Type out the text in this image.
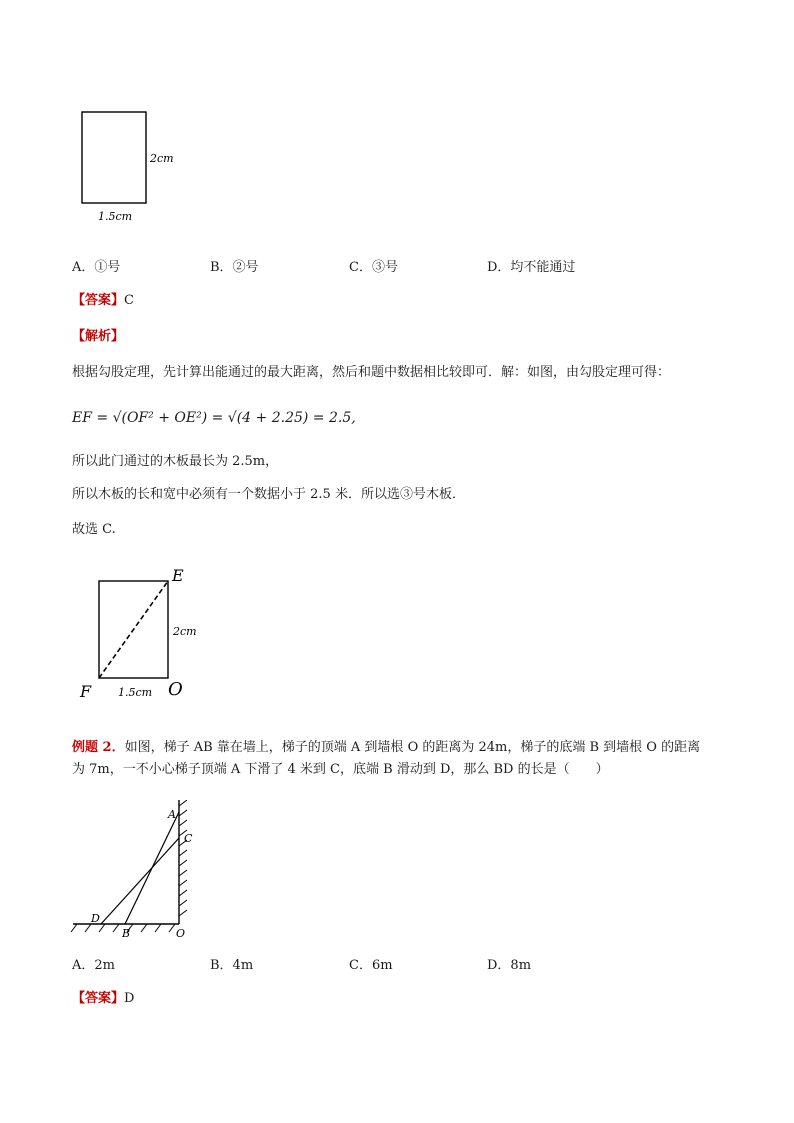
2cm
1.5cm
A．①号	B．②号	C．③号	D．均不能通过
【答案】C
【解析】
根据勾股定理，先计算出能通过的最大距离，然后和题中数据相比较即可．解：如图，由勾股定理可得：
EF = √(OF² + OE²) = √(4 + 2.25) = 2.5,
所以此门通过的木板最长为 2.5m，
所以木板的长和宽中必须有一个数据小于 2.5 米．所以选③号木板．
故选 C.
E
F	O
2cm
1.5cm
例题 2．如图，梯子 AB 靠在墙上，梯子的顶端 A 到墙根 O 的距离为 24m，梯子的底端 B 到墙根 O 的距离
为 7m，一不小心梯子顶端 A 下滑了 4 米到 C，底端 B 滑动到 D，那么 BD 的长是（　　）
A
C
D
B	O
A．2m	B．4m	C．6m	D．8m
【答案】D
